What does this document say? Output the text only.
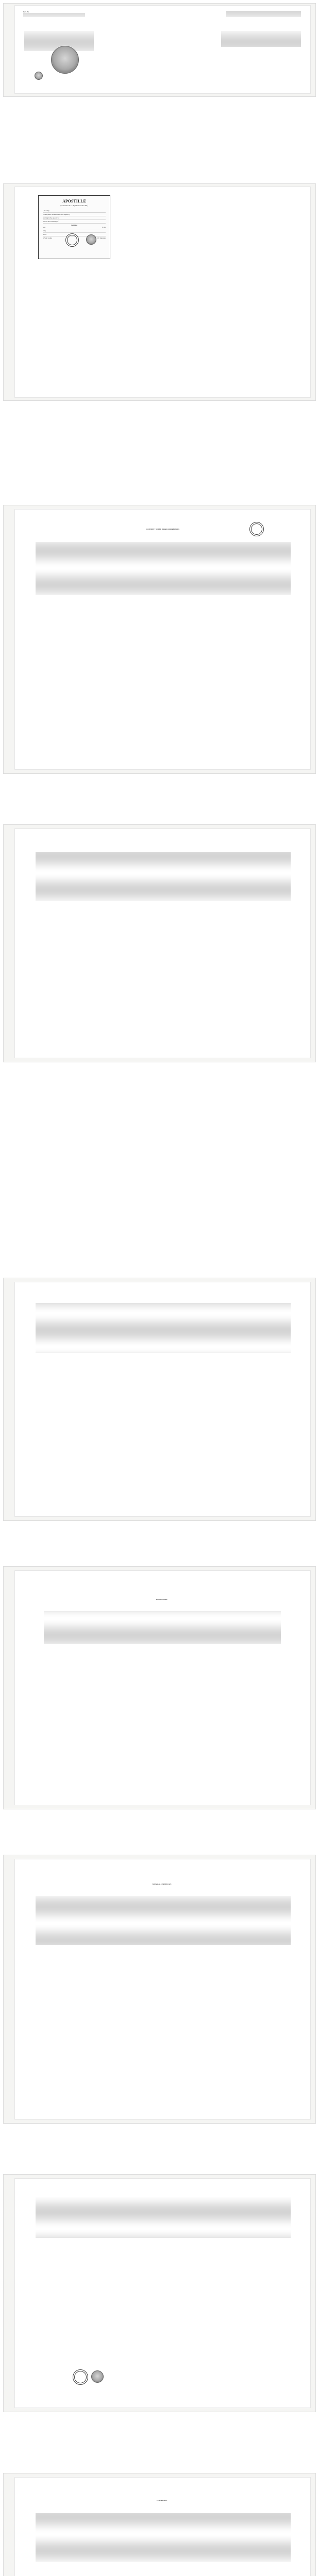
Cert. No.
APOSTILLE
(Convention de La Haye du 5 octobre 1961)
1. Country
2. This public document has been signed by
3. acting in the capacity of
4. bears the seal/stamp of
Certified
5. at	6. the
7. by
8. No.
9. Seal / stamp	10. Signature
STATEMENT OF THE BOARD OF DIRECTORS
RESOLUTIONS
NOTARIAL CERTIFICATE
CERTIFICATE
